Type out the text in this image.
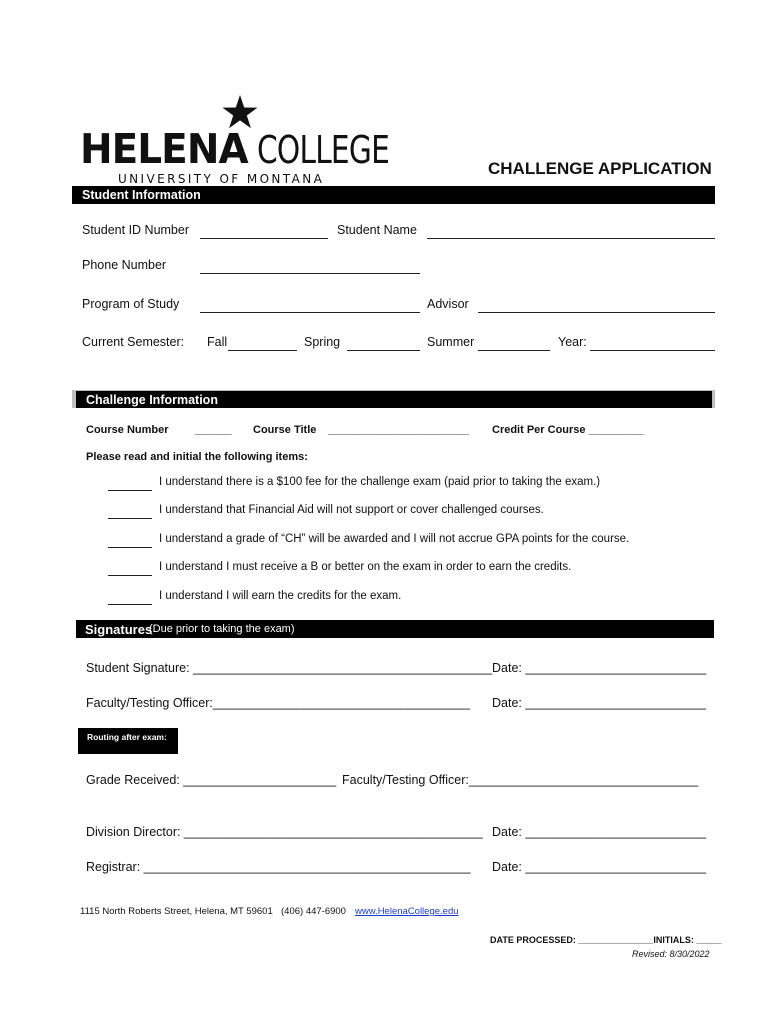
HELENA COLLEGE
UNIVERSITY OF MONTANA
CHALLENGE APPLICATION
Student Information
Student ID Number	Student Name
Phone Number
Program of Study	Advisor
Current Semester: Fall	Spring	Summer	Year:
Challenge Information
Course Number ______ Course Title _______________________ Credit Per Course _________
Please read and initial the following items:
I understand there is a $100 fee for the challenge exam (paid prior to taking the exam.)
I understand that Financial Aid will not support or cover challenged courses.
I understand a grade of “CH” will be awarded and I will not accrue GPA points for the course.
I understand I must receive a B or better on the exam in order to earn the credits.
I understand I will earn the credits for the exam.
Signatures
(Due prior to taking the exam)
Student Signature: ___________________________________________ Date: __________________________
Faculty/Testing Officer:_____________________________________ Date: __________________________
Routing after exam:
Grade Received: ______________________ Faculty/Testing Officer:_________________________________
Division Director: ___________________________________________ Date: __________________________
Registrar: _______________________________________________ Date: __________________________
1115 North Roberts Street, Helena, MT 59601 (406) 447-6900 www.HelenaCollege.edu
DATE PROCESSED: _______________INITIALS: _____
Revised: 8/30/2022
